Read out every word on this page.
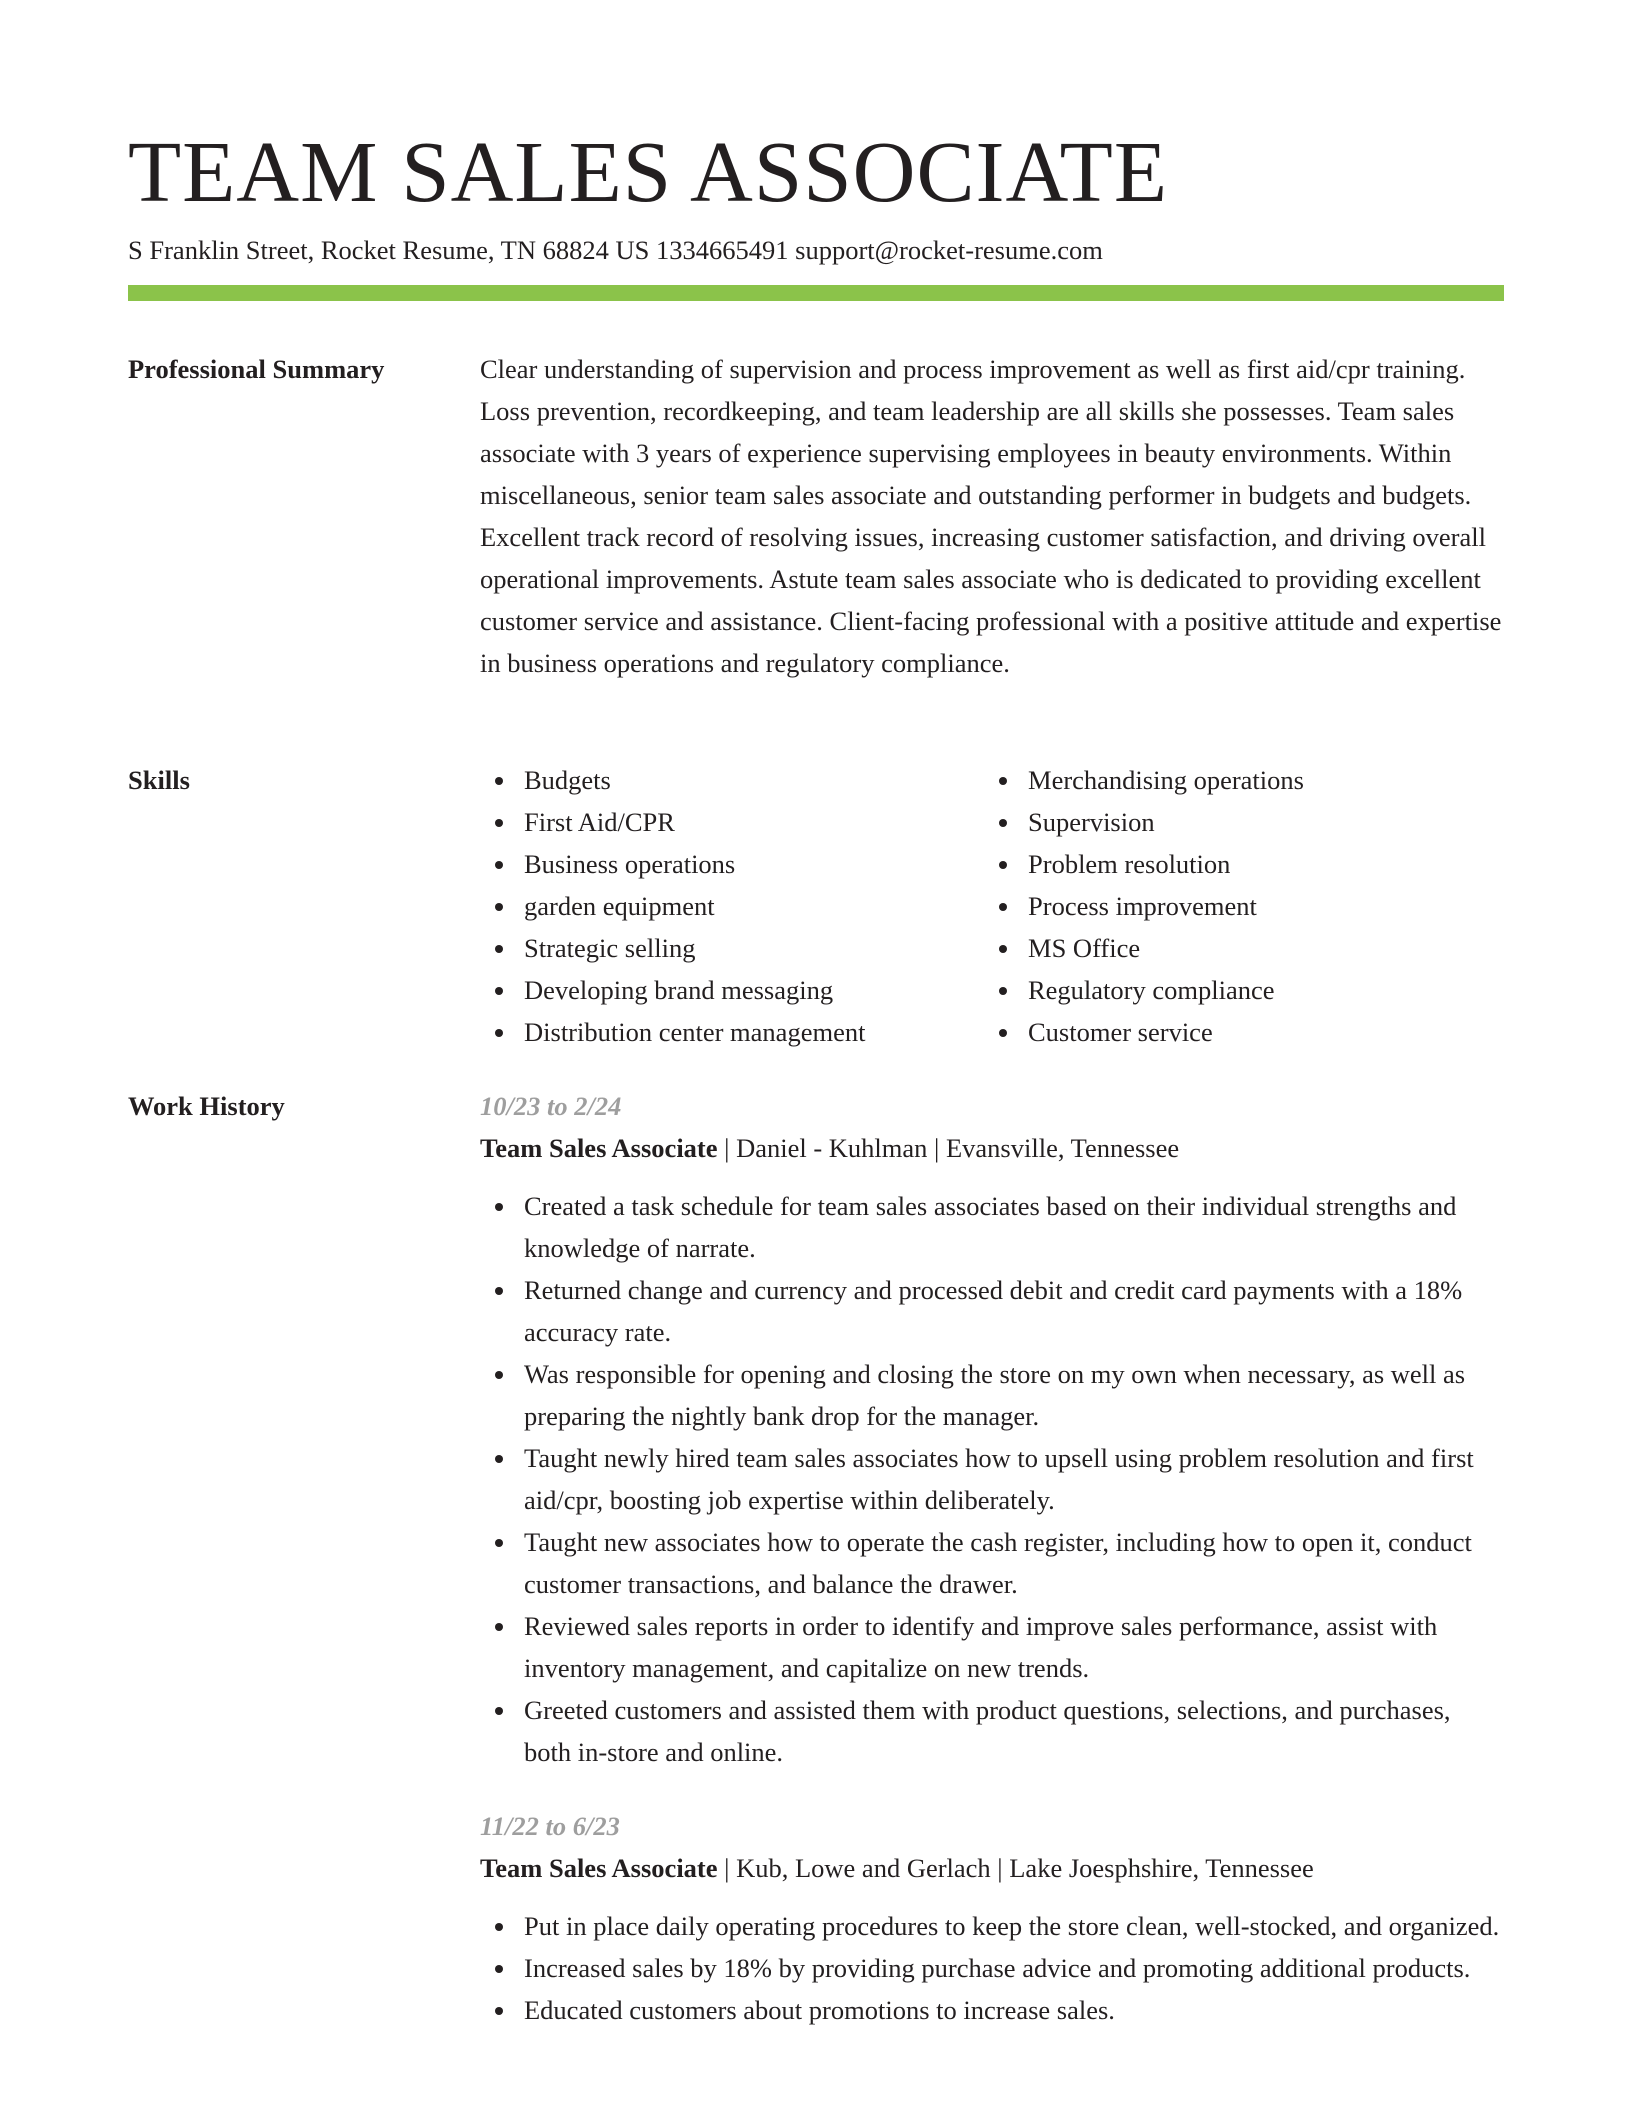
TEAM SALES ASSOCIATE
S Franklin Street, Rocket Resume, TN 68824 US 1334665491 support@rocket-resume.com
Professional Summary	Clear understanding of supervision and process improvement as well as first aid/cpr training. Loss prevention, recordkeeping, and team leadership are all skills she possesses. Team sales associate with 3 years of experience supervising employees in beauty environments. Within miscellaneous, senior team sales associate and outstanding performer in budgets and budgets. Excellent track record of resolving issues, increasing customer satisfaction, and driving overall operational improvements. Astute team sales associate who is dedicated to providing excellent customer service and assistance. Client-facing professional with a positive attitude and expertise in business operations and regulatory compliance.

Skills	Budgets
First Aid/CPR
Business operations
garden equipment
Strategic selling
Developing brand messaging
Distribution center management
Merchandising operations
Supervision
Problem resolution
Process improvement
MS Office
Regulatory compliance
Customer service
Work History	10/23 to 2/24
Team Sales Associate | Daniel - Kuhlman | Evansville, Tennessee
Created a task schedule for team sales associates based on their individual strengths and knowledge of narrate.
Returned change and currency and processed debit and credit card payments with a 18% accuracy rate.
Was responsible for opening and closing the store on my own when necessary, as well as preparing the nightly bank drop for the manager.
Taught newly hired team sales associates how to upsell using problem resolution and first aid/cpr, boosting job expertise within deliberately.
Taught new associates how to operate the cash register, including how to open it, conduct customer transactions, and balance the drawer.
Reviewed sales reports in order to identify and improve sales performance, assist with inventory management, and capitalize on new trends.
Greeted customers and assisted them with product questions, selections, and purchases, both in-store and online.
11/22 to 6/23
Team Sales Associate | Kub, Lowe and Gerlach | Lake Joesphshire, Tennessee
Put in place daily operating procedures to keep the store clean, well-stocked, and organized.
Increased sales by 18% by providing purchase advice and promoting additional products.
Educated customers about promotions to increase sales.
